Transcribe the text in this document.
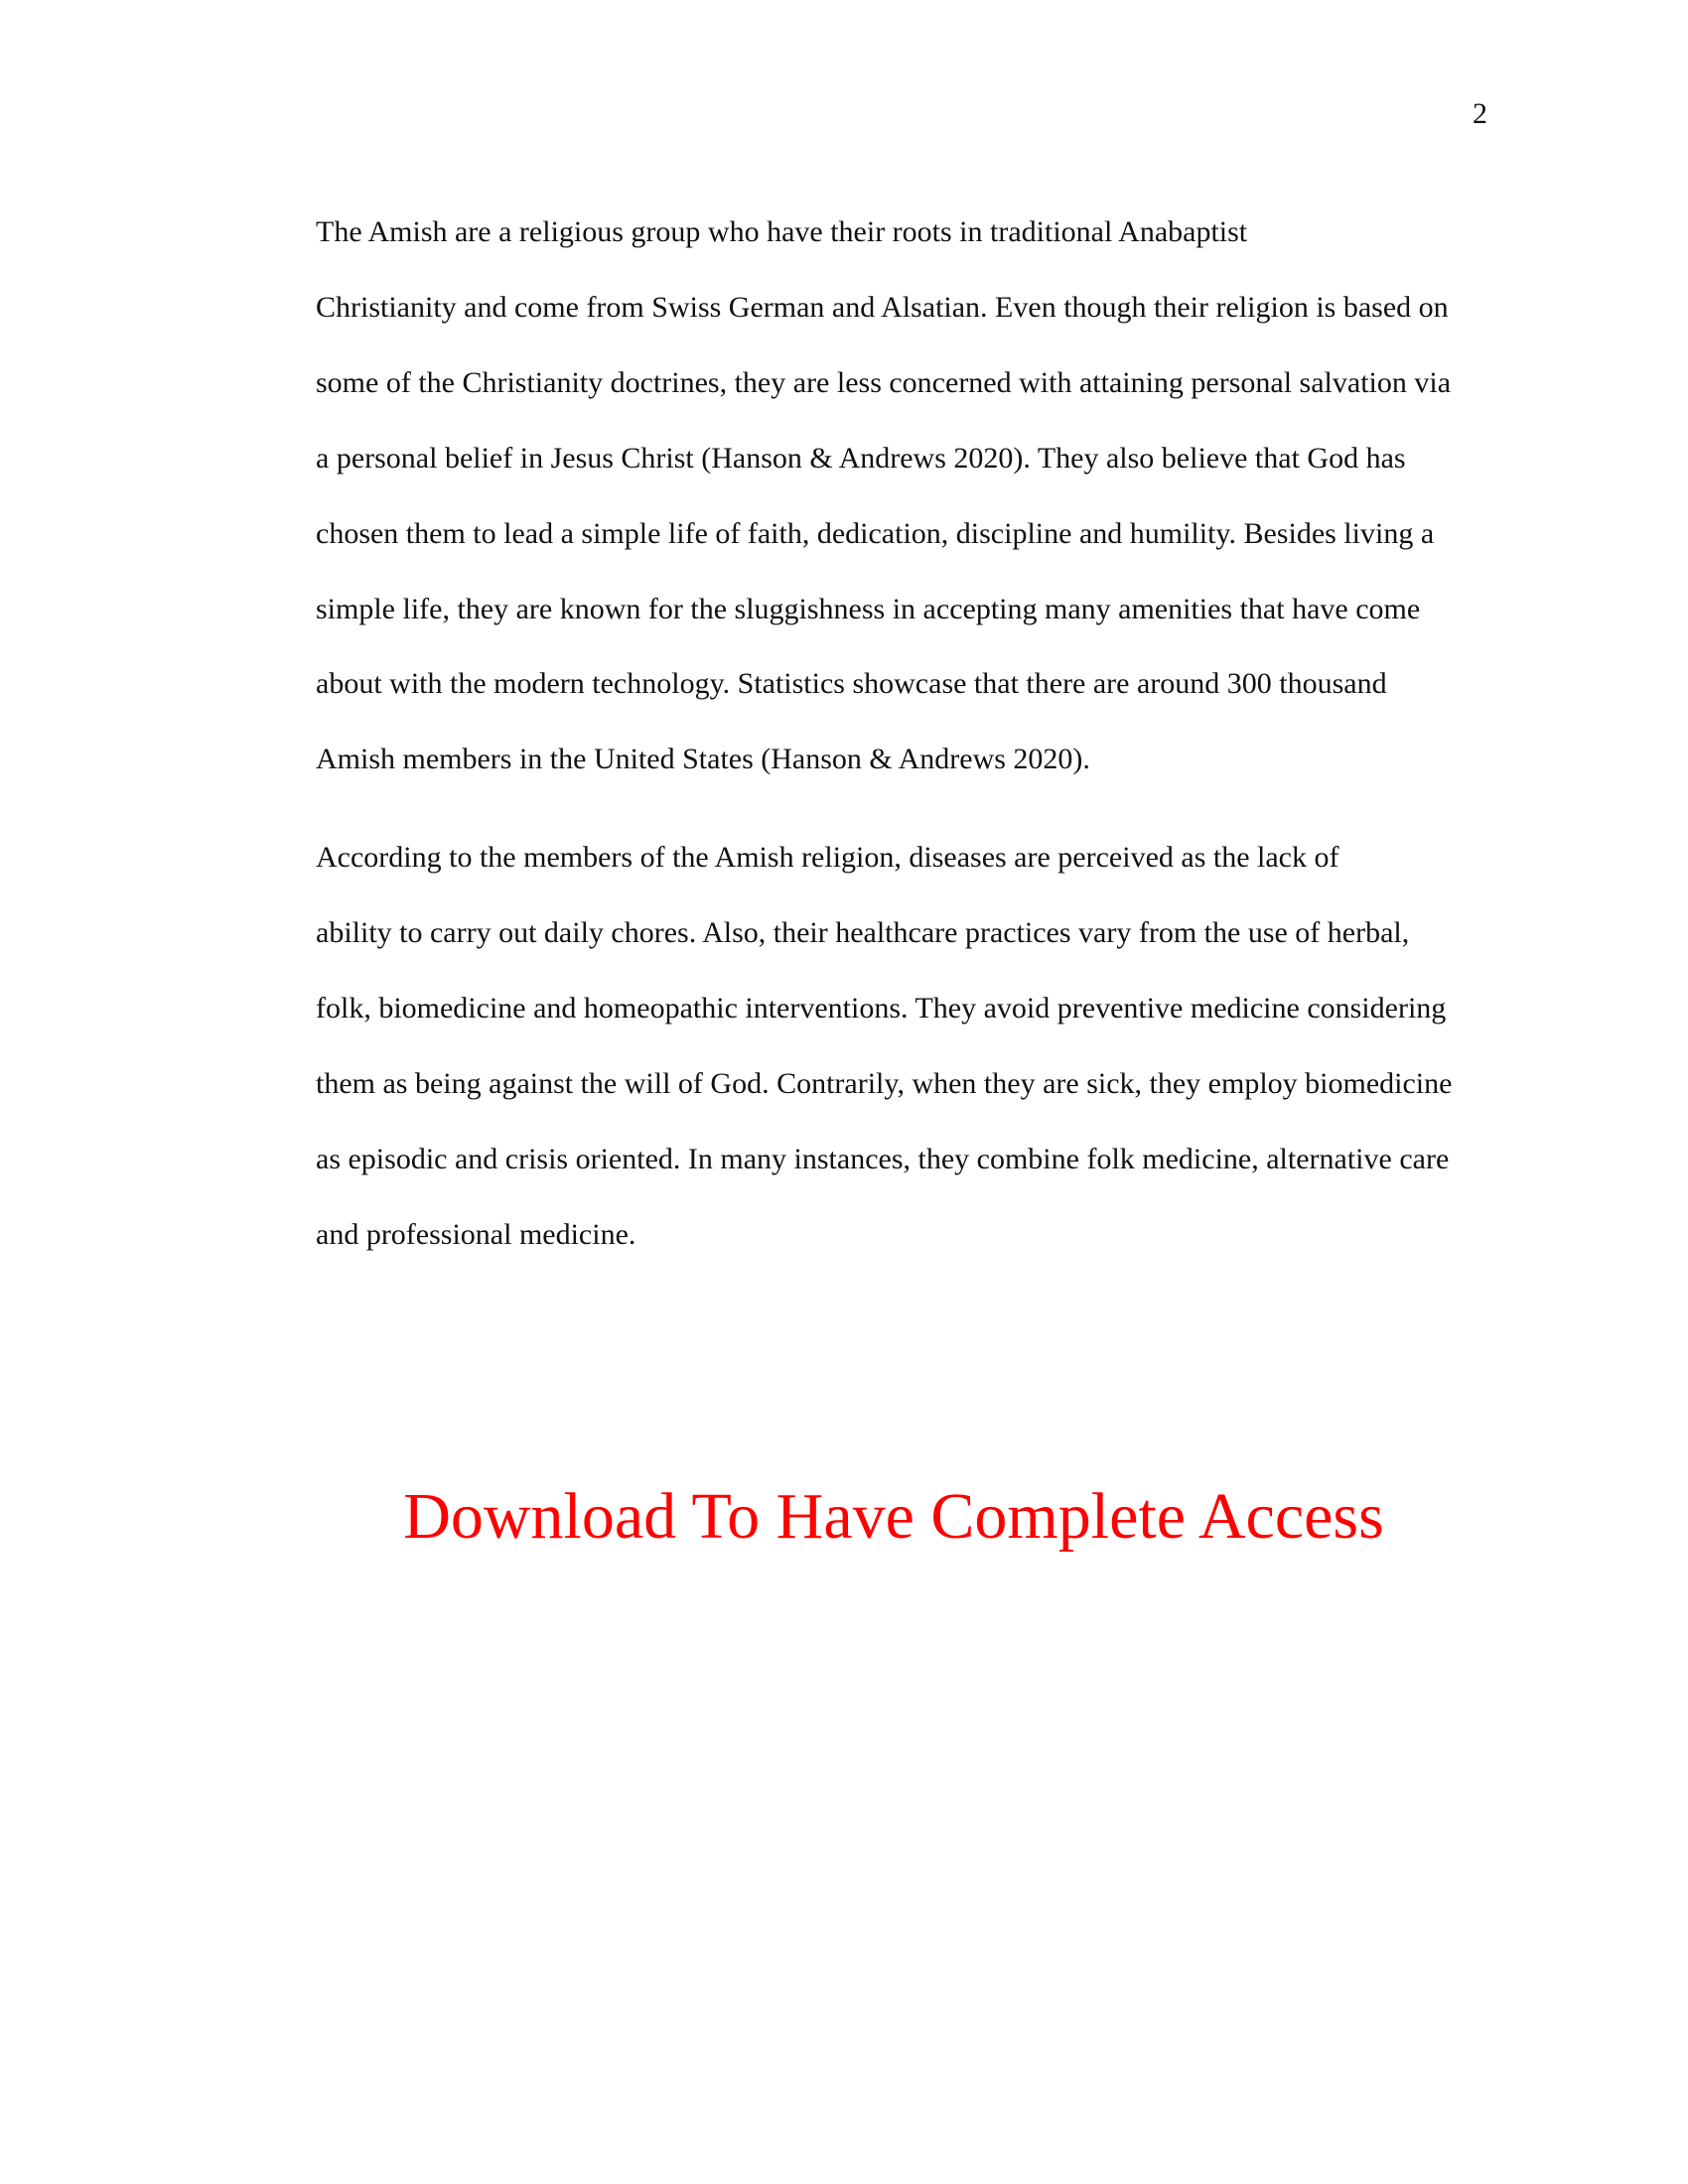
2

The Amish are a religious group who have their roots in traditional Anabaptist
Christianity and come from Swiss German and Alsatian. Even though their religion is based on
some of the Christianity doctrines, they are less concerned with attaining personal salvation via
a personal belief in Jesus Christ (Hanson & Andrews 2020). They also believe that God has
chosen them to lead a simple life of faith, dedication, discipline and humility. Besides living a
simple life, they are known for the sluggishness in accepting many amenities that have come
about with the modern technology. Statistics showcase that there are around 300 thousand
Amish members in the United States (Hanson & Andrews 2020).

According to the members of the Amish religion, diseases are perceived as the lack of
ability to carry out daily chores. Also, their healthcare practices vary from the use of herbal,
folk, biomedicine and homeopathic interventions. They avoid preventive medicine considering
them as being against the will of God. Contrarily, when they are sick, they employ biomedicine
as episodic and crisis oriented. In many instances, they combine folk medicine, alternative care
and professional medicine.

Download To Have Complete Access
